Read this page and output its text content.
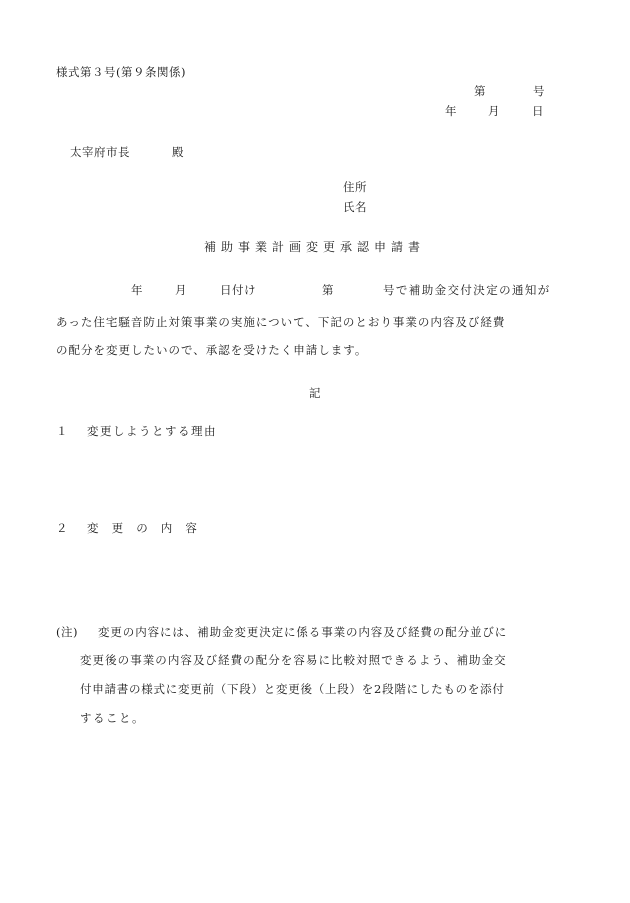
様式第３号(第９条関係)
第	号
年	月	日
太宰府市長	殿
住所
氏名
補助事業計画変更承認申請書
年	月	日付け	第	号で補助金交付決定の通知が
あった住宅騒音防止対策事業の実施について、下記のとおり事業の内容及び経費
の配分を変更したいので、承認を受けたく申請します。
記
１ 変更しようとする理由
２ 変　更　の　内　容
(注) 変更の内容には、補助金変更決定に係る事業の内容及び経費の配分並びに
変更後の事業の内容及び経費の配分を容易に比較対照できるよう、補助金交
付申請書の様式に変更前（下段）と変更後（上段）を2段階にしたものを添付
すること。
